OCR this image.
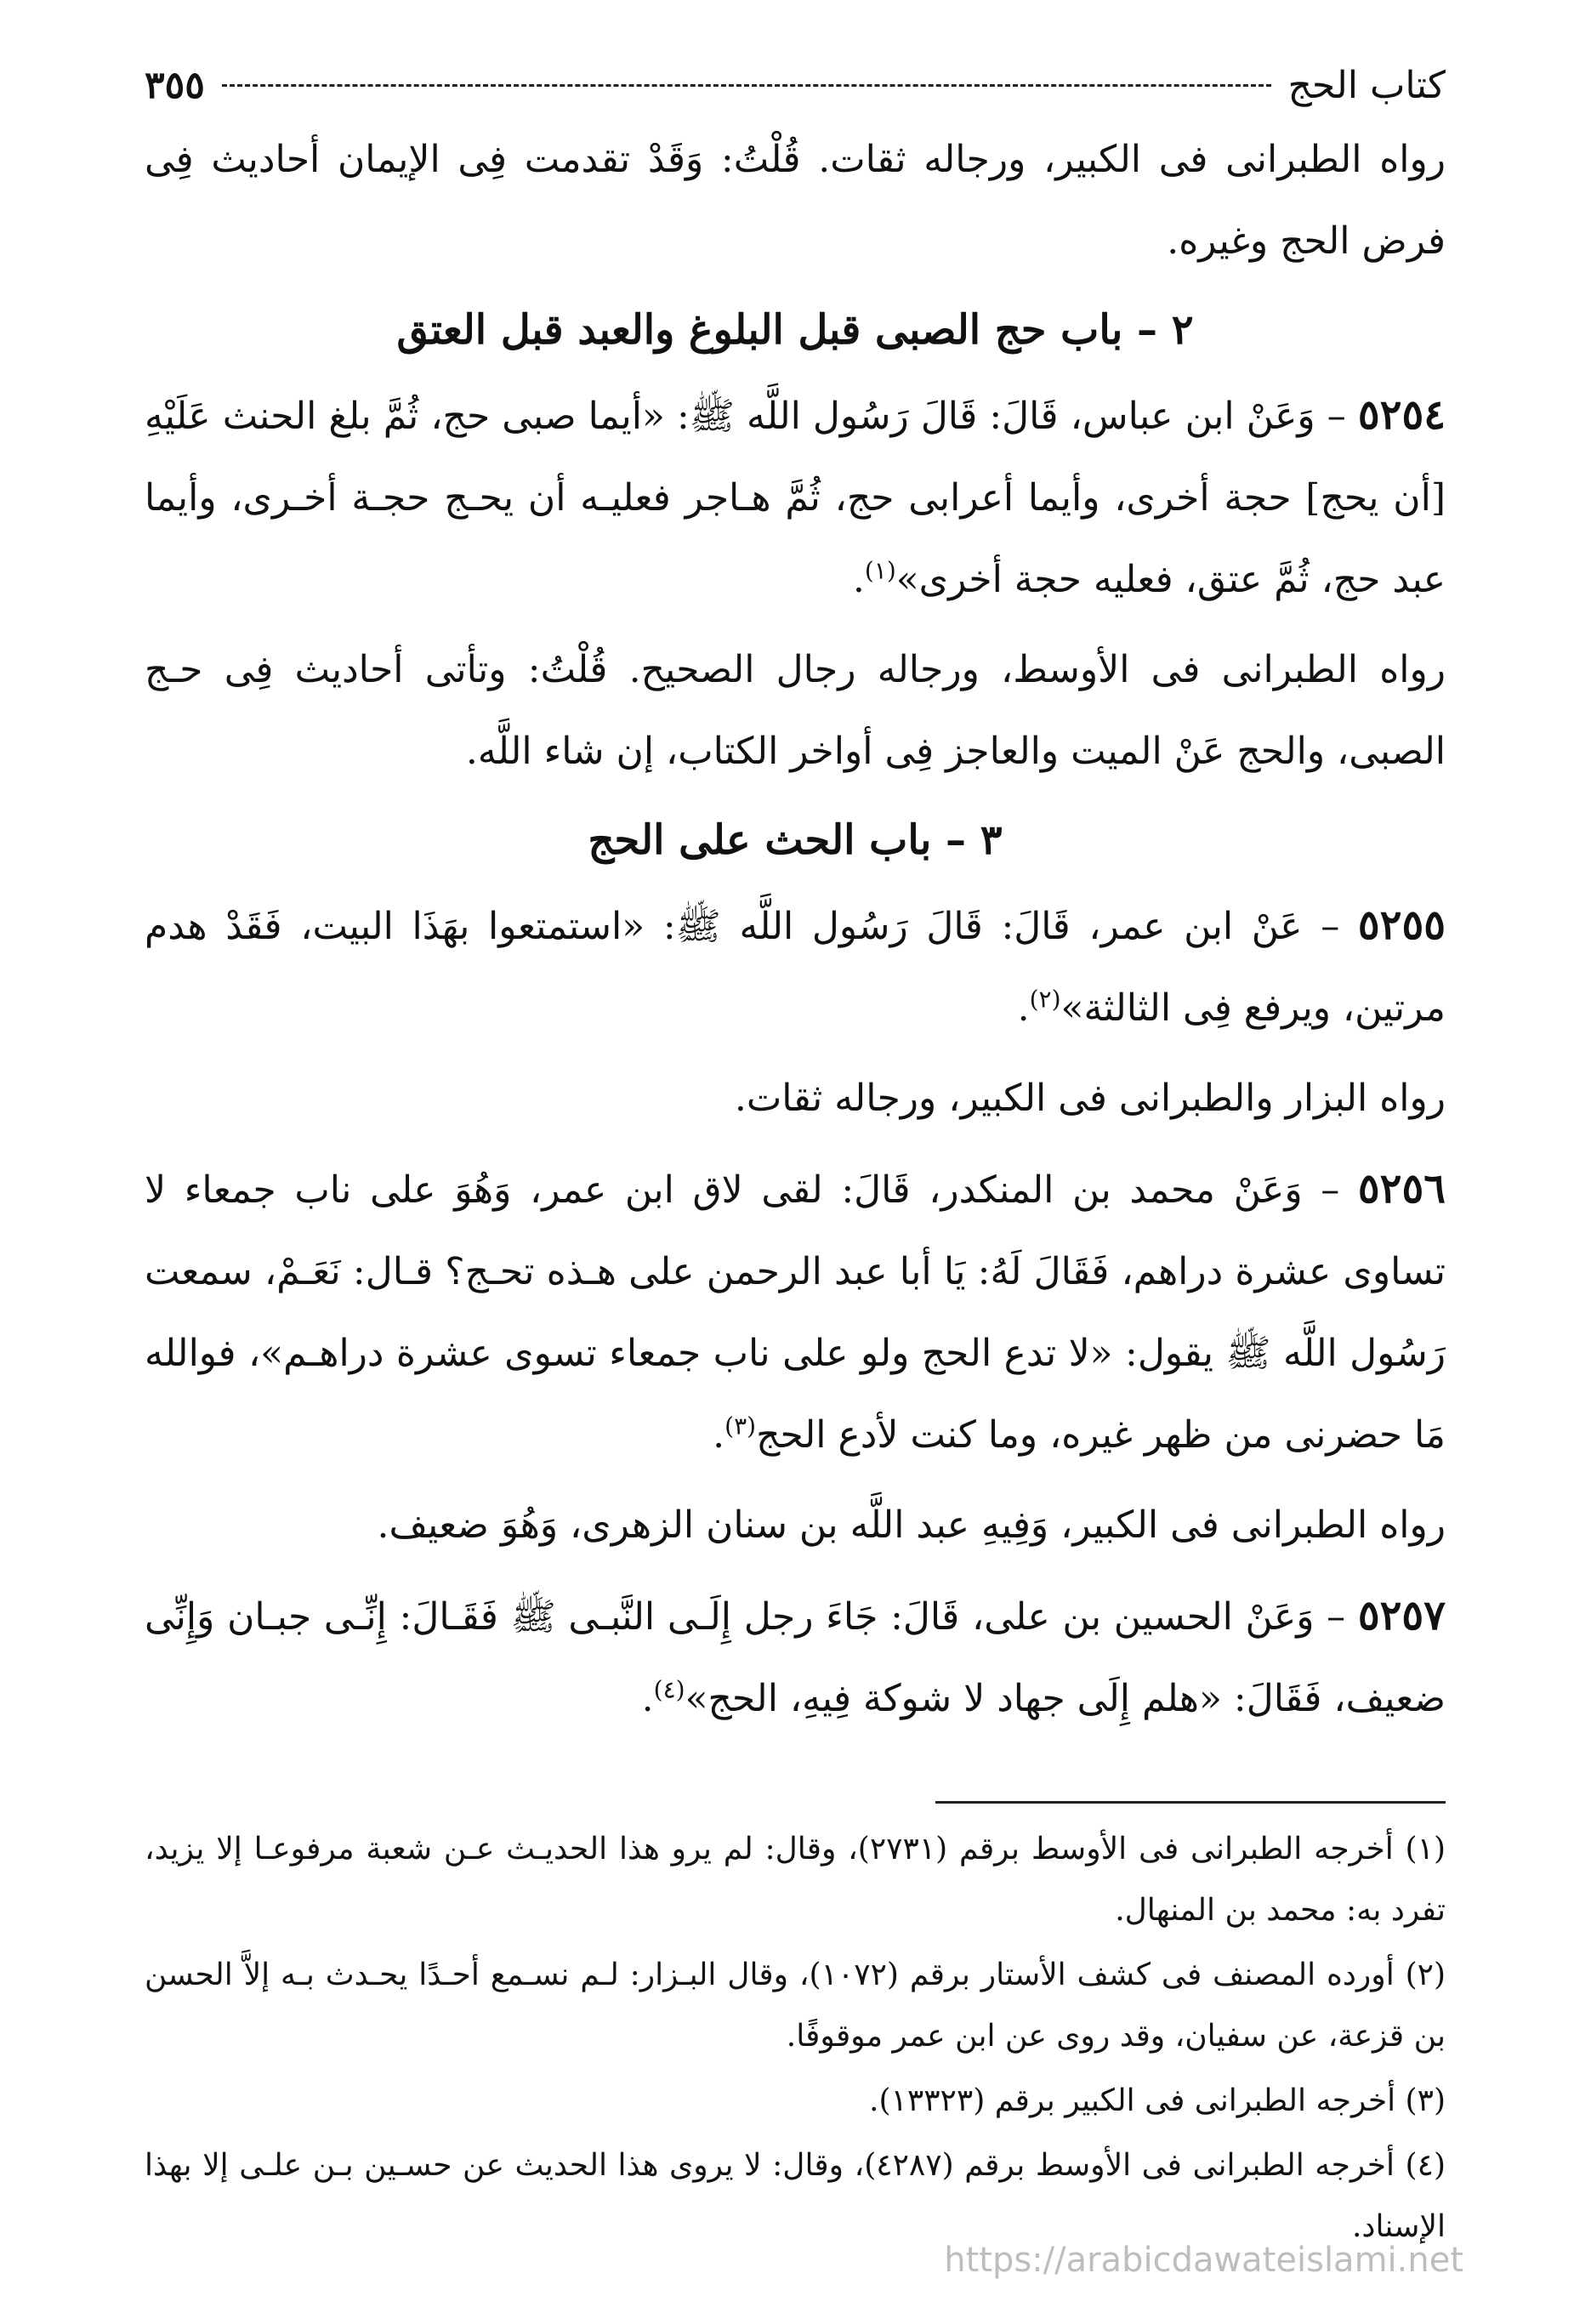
كتاب الحج
٣٥٥

رواه الطبرانى فى الكبير، ورجاله ثقات. قُلْتُ: وَقَدْ تقدمت فِى الإيمان أحاديث فِى فرض الحج وغيره.

٢ – باب حج الصبى قبل البلوغ والعبد قبل العتق

٥٢٥٤ – وَعَنْ ابن عباس، قَالَ: قَالَ رَسُول اللَّه ﷺ: «أيما صبى حج، ثُمَّ بلغ الحنث عَلَيْهِ [أن يحج] حجة أخرى، وأيما أعرابى حج، ثُمَّ هـاجر فعليـه أن يحـج حجـة أخـرى، وأيما عبد حج، ثُمَّ عتق، فعليه حجة أخرى»$^{(١)}$.

رواه الطبرانى فى الأوسط، ورجاله رجال الصحيح. قُلْتُ: وتأتى أحاديث فِى حـج الصبى، والحج عَنْ الميت والعاجز فِى أواخر الكتاب، إن شاء اللَّه.

٣ – باب الحث على الحج

٥٢٥٥ – عَنْ ابن عمر، قَالَ: قَالَ رَسُول اللَّه ﷺ: «استمتعوا بهَذَا البيت، فَقَدْ هدم مرتين، ويرفع فِى الثالثة»$^{(٢)}$.

رواه البزار والطبرانى فى الكبير، ورجاله ثقات.

٥٢٥٦ – وَعَنْ محمد بن المنكدر، قَالَ: لقى لاق ابن عمر، وَهُوَ على ناب جمعاء لا تساوى عشرة دراهم، فَقَالَ لَهُ: يَا أبا عبد الرحمن على هـذه تحـج؟ قـال: نَعَـمْ، سمعت رَسُول اللَّه ﷺ يقول: «لا تدع الحج ولو على ناب جمعاء تسوى عشرة دراهـم»، فوالله مَا حضرنى من ظهر غيره، وما كنت لأدع الحج$^{(٣)}$.

رواه الطبرانى فى الكبير، وَفِيهِ عبد اللَّه بن سنان الزهرى، وَهُوَ ضعيف.

٥٢٥٧ – وَعَنْ الحسين بن على، قَالَ: جَاءَ رجل إِلَـى النَّبـى ﷺ فَقَـالَ: إِنِّـى جبـان وَإِنِّى ضعيف، فَقَالَ: «هلم إِلَى جهاد لا شوكة فِيهِ، الحج»$^{(٤)}$.

(١) أخرجه الطبرانى فى الأوسط برقم (٢٧٣١)، وقال: لم يرو هذا الحديـث عـن شعبة مرفوعـا إلا يزيد، تفرد به: محمد بن المنهال.

(٢) أورده المصنف فى كشف الأستار برقم (١٠٧٢)، وقال البـزار: لـم نسـمع أحـدًا يحـدث بـه إلاَّ الحسن بن قزعة، عن سفيان، وقد روى عن ابن عمر موقوفًا.

(٣) أخرجه الطبرانى فى الكبير برقم (١٣٣٢٣).

(٤) أخرجه الطبرانى فى الأوسط برقم (٤٢٨٧)، وقال: لا يروى هذا الحديث عن حسـين بـن علـى إلا بهذا الإسناد.

https://arabicdawateislami.net
